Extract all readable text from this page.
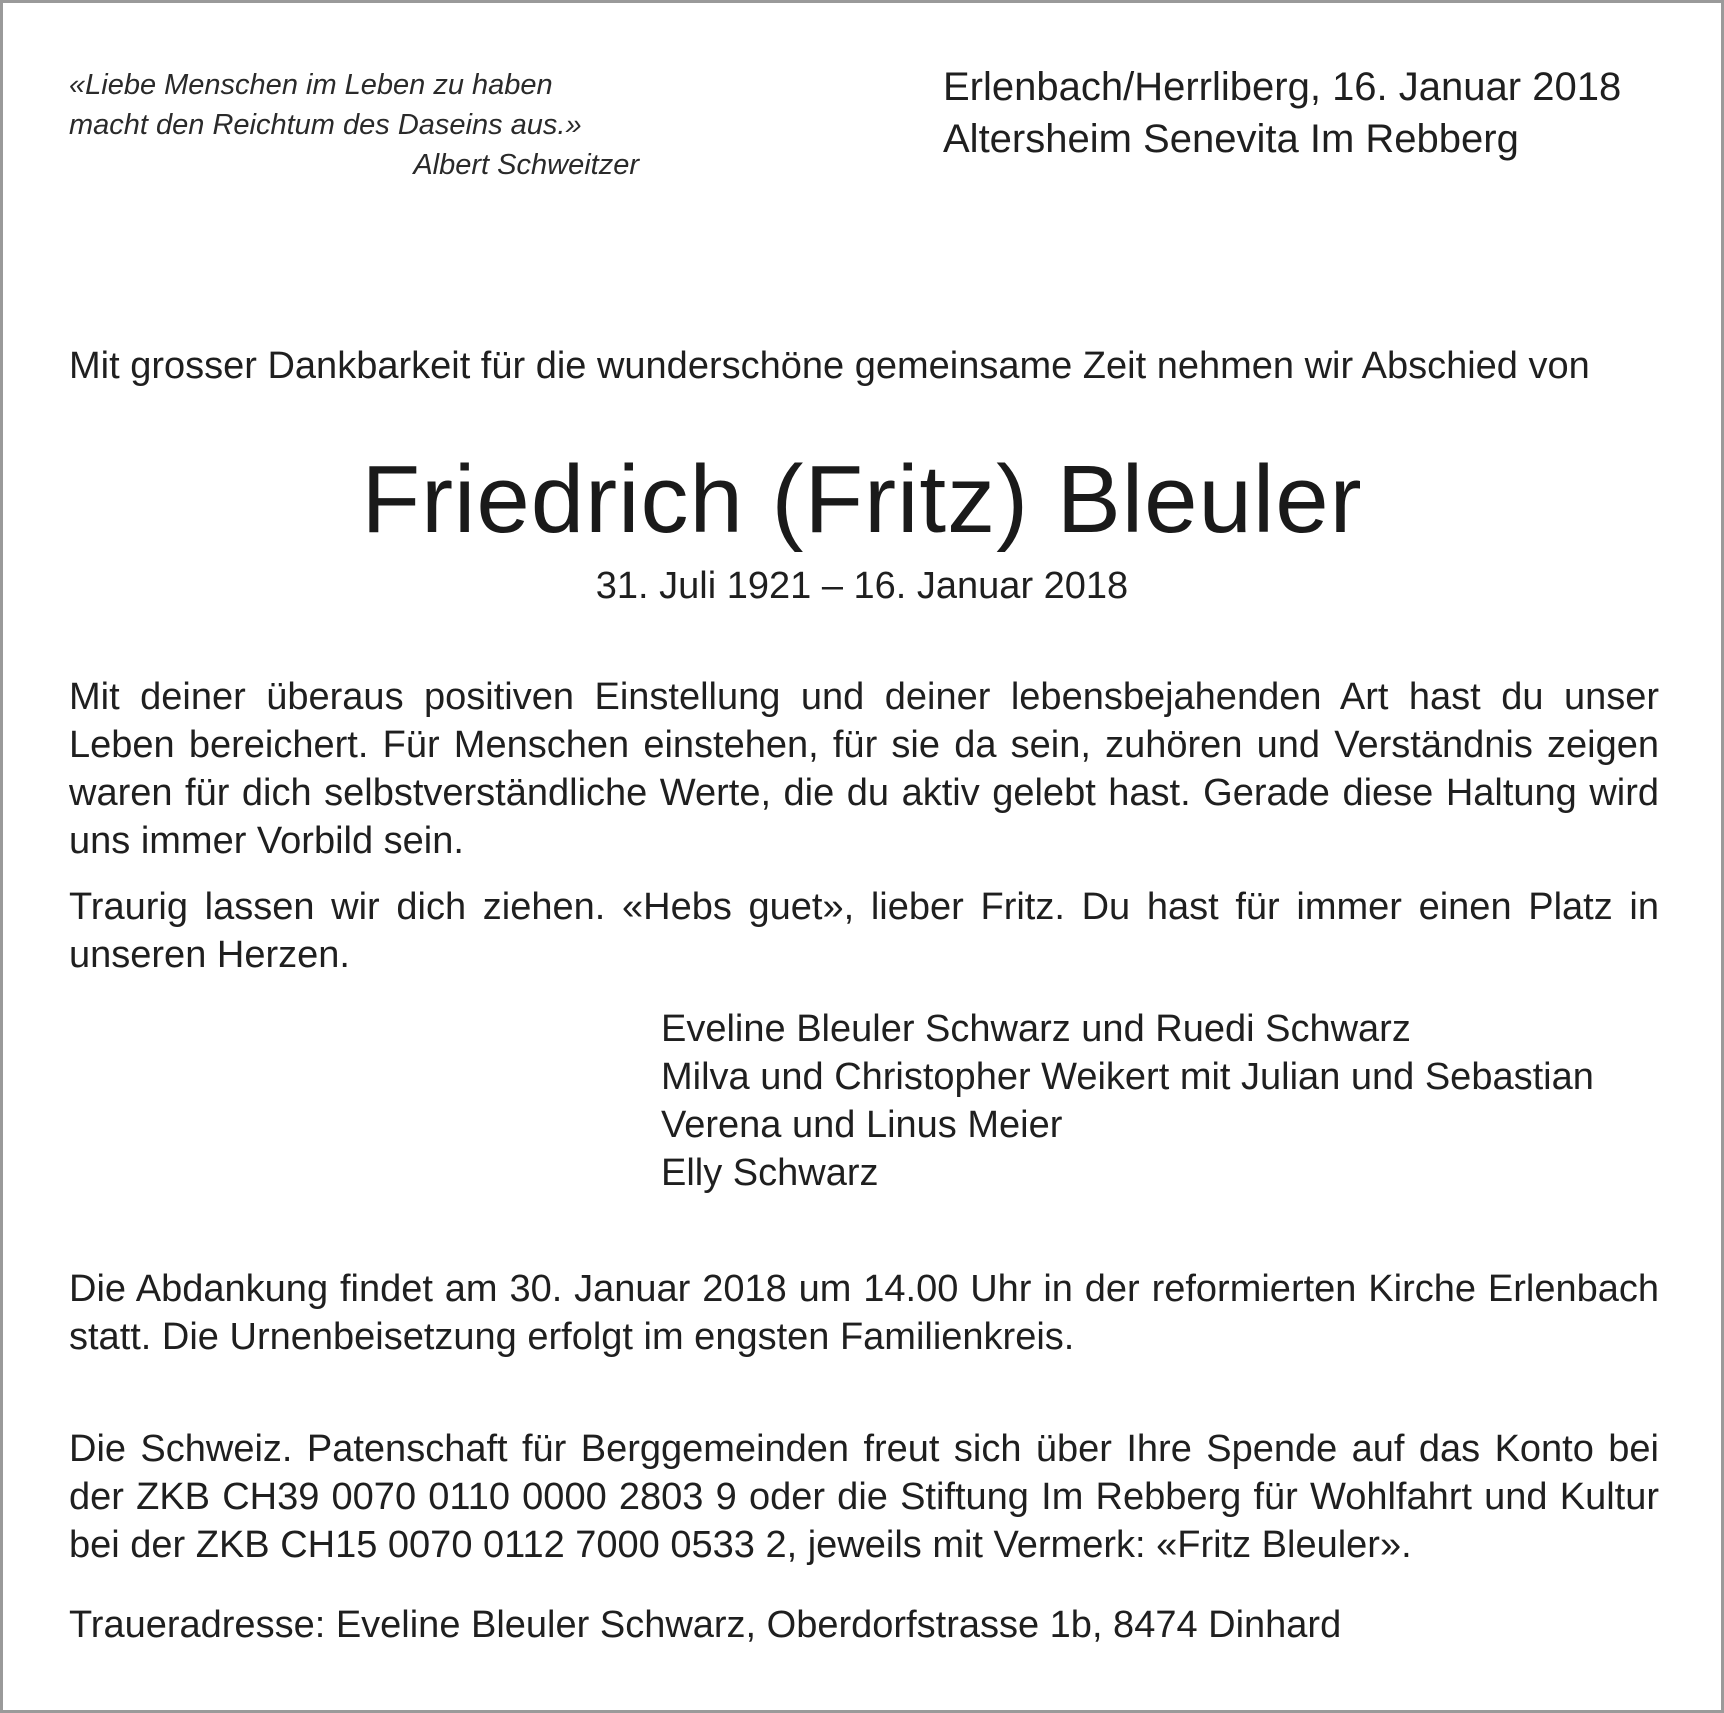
«Liebe Menschen im Leben zu haben
macht den Reichtum des Daseins aus.»
Albert Schweitzer
Erlenbach/Herrliberg, 16. Januar 2018
Altersheim Senevita Im Rebberg
Mit grosser Dankbarkeit für die wunderschöne gemeinsame Zeit nehmen wir Abschied von
Friedrich (Fritz) Bleuler
31. Juli 1921 – 16. Januar 2018
Mit deiner überaus positiven Einstellung und deiner lebensbejahenden Art hast du unser Leben bereichert. Für Menschen einstehen, für sie da sein, zuhören und Verständnis zeigen waren für dich selbstverständliche Werte, die du aktiv gelebt hast. Gerade diese Haltung wird uns immer Vorbild sein.
Traurig lassen wir dich ziehen. «Hebs guet», lieber Fritz. Du hast für immer einen Platz in unseren Herzen.
Eveline Bleuler Schwarz und Ruedi Schwarz
Milva und Christopher Weikert mit Julian und Sebastian
Verena und Linus Meier
Elly Schwarz
Die Abdankung findet am 30. Januar 2018 um 14.00 Uhr in der reformierten Kirche Erlenbach statt. Die Urnenbeisetzung erfolgt im engsten Familienkreis.
Die Schweiz. Patenschaft für Berggemeinden freut sich über Ihre Spende auf das Konto bei der ZKB CH39 0070 0110 0000 2803 9 oder die Stiftung Im Rebberg für Wohlfahrt und Kultur bei der ZKB CH15 0070 0112 7000 0533 2, jeweils mit Vermerk: «Fritz Bleuler».
Traueradresse: Eveline Bleuler Schwarz, Oberdorfstrasse 1b, 8474 Dinhard
